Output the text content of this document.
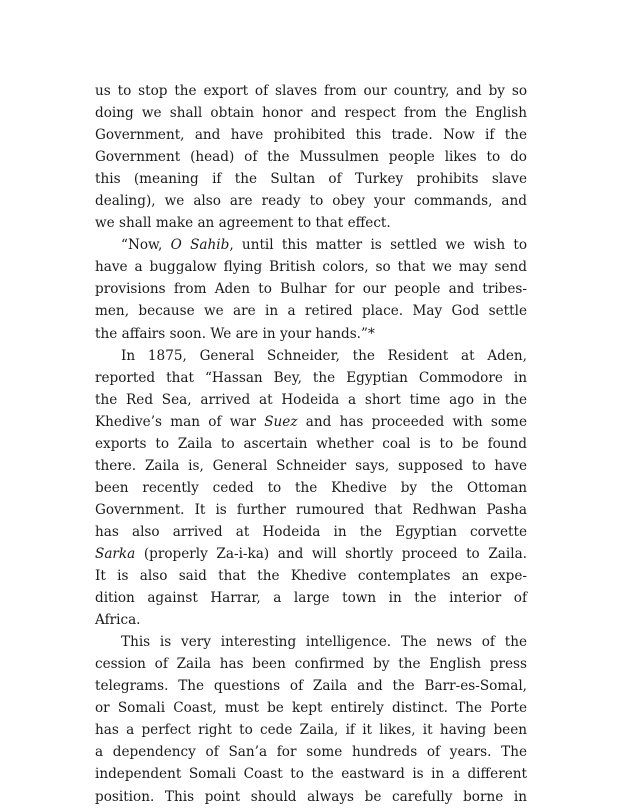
us to stop the export of slaves from our country, and by so
doing we shall obtain honor and respect from the English
Government, and have prohibited this trade. Now if the
Government (head) of the Mussulmen people likes to do
this (meaning if the Sultan of Turkey prohibits slave
dealing), we also are ready to obey your commands, and
we shall make an agreement to that effect.
“Now, O Sahib, until this matter is settled we wish to
have a buggalow flying British colors, so that we may send
provisions from Aden to Bulhar for our people and tribes-
men, because we are in a retired place. May God settle
the affairs soon. We are in your hands.”*
In 1875, General Schneider, the Resident at Aden,
reported that “Hassan Bey, the Egyptian Commodore in
the Red Sea, arrived at Hodeida a short time ago in the
Khedive’s man of war Suez and has proceeded with some
exports to Zaila to ascertain whether coal is to be found
there. Zaila is, General Schneider says, supposed to have
been recently ceded to the Khedive by the Ottoman
Government. It is further rumoured that Redhwan Pasha
has also arrived at Hodeida in the Egyptian corvette
Sarka (properly Za-i-ka) and will shortly proceed to Zaila.
It is also said that the Khedive contemplates an expe-
dition against Harrar, a large town in the interior of
Africa.
This is very interesting intelligence. The news of the
cession of Zaila has been confirmed by the English press
telegrams. The questions of Zaila and the Barr-es-Somal,
or Somali Coast, must be kept entirely distinct. The Porte
has a perfect right to cede Zaila, if it likes, it having been
a dependency of San’a for some hundreds of years. The
independent Somali Coast to the eastward is in a different
position. This point should always be carefully borne in
